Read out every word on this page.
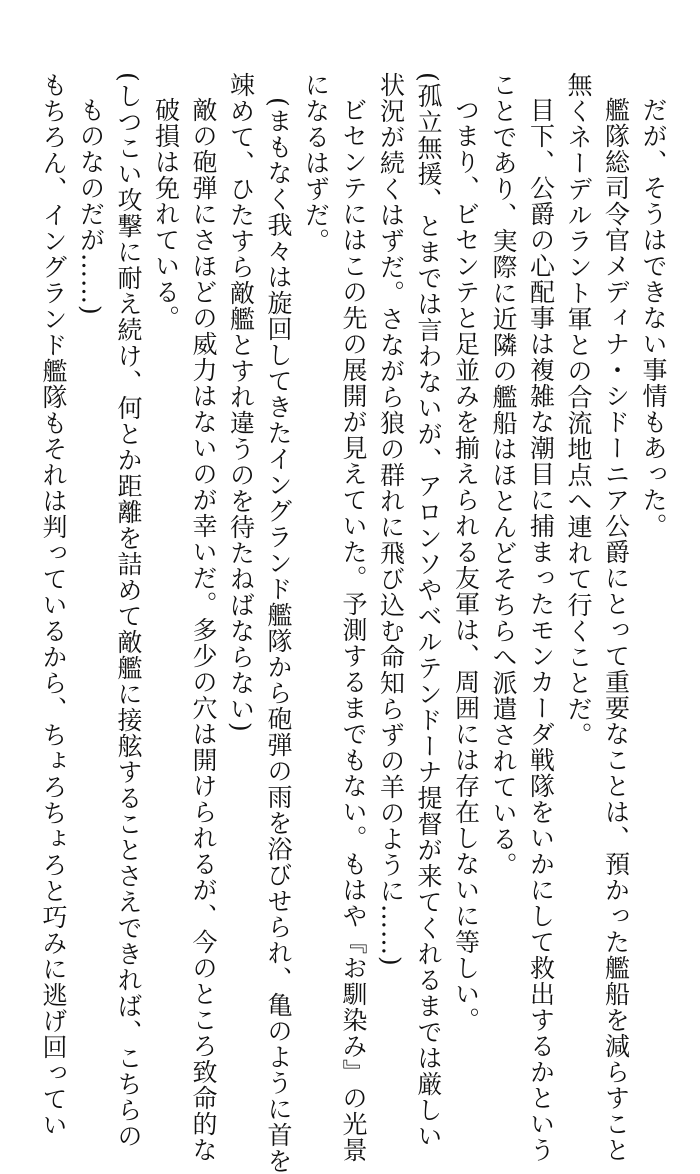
だが、そうはできない事情もあった。
艦隊総司令官メディナ・シドーニア公爵にとって重要なことは、預かった艦船を減らすこと
無くネーデルラント軍との合流地点へ連れて行くことだ。
目下、公爵の心配事は複雑な潮目に捕まったモンカーダ戦隊をいかにして救出するかという
ことであり、実際に近隣の艦船はほとんどそちらへ派遣されている。
つまり、ビセンテと足並みを揃えられる友軍は、周囲には存在しないに等しい。
(孤立無援、とまでは言わないが、アロンソやベルテンドーナ提督が来てくれるまでは厳しい
状況が続くはずだ。さながら狼の群れに飛び込む命知らずの羊のように……)
ビセンテにはこの先の展開が見えていた。予測するまでもない。もはや『お馴染み』の光景
になるはずだ。
(まもなく我々は旋回してきたイングランド艦隊から砲弾の雨を浴びせられ、亀のように首を
竦めて、ひたすら敵艦とすれ違うのを待たねばならない)
敵の砲弾にさほどの威力はないのが幸いだ。多少の穴は開けられるが、今のところ致命的な
破損は免れている。
(しつこい攻撃に耐え続け、何とか距離を詰めて敵艦に接舷することさえできれば、こちらの
ものなのだが……)
もちろん、イングランド艦隊もそれは判っているから、ちょろちょろと巧みに逃げ回ってい
